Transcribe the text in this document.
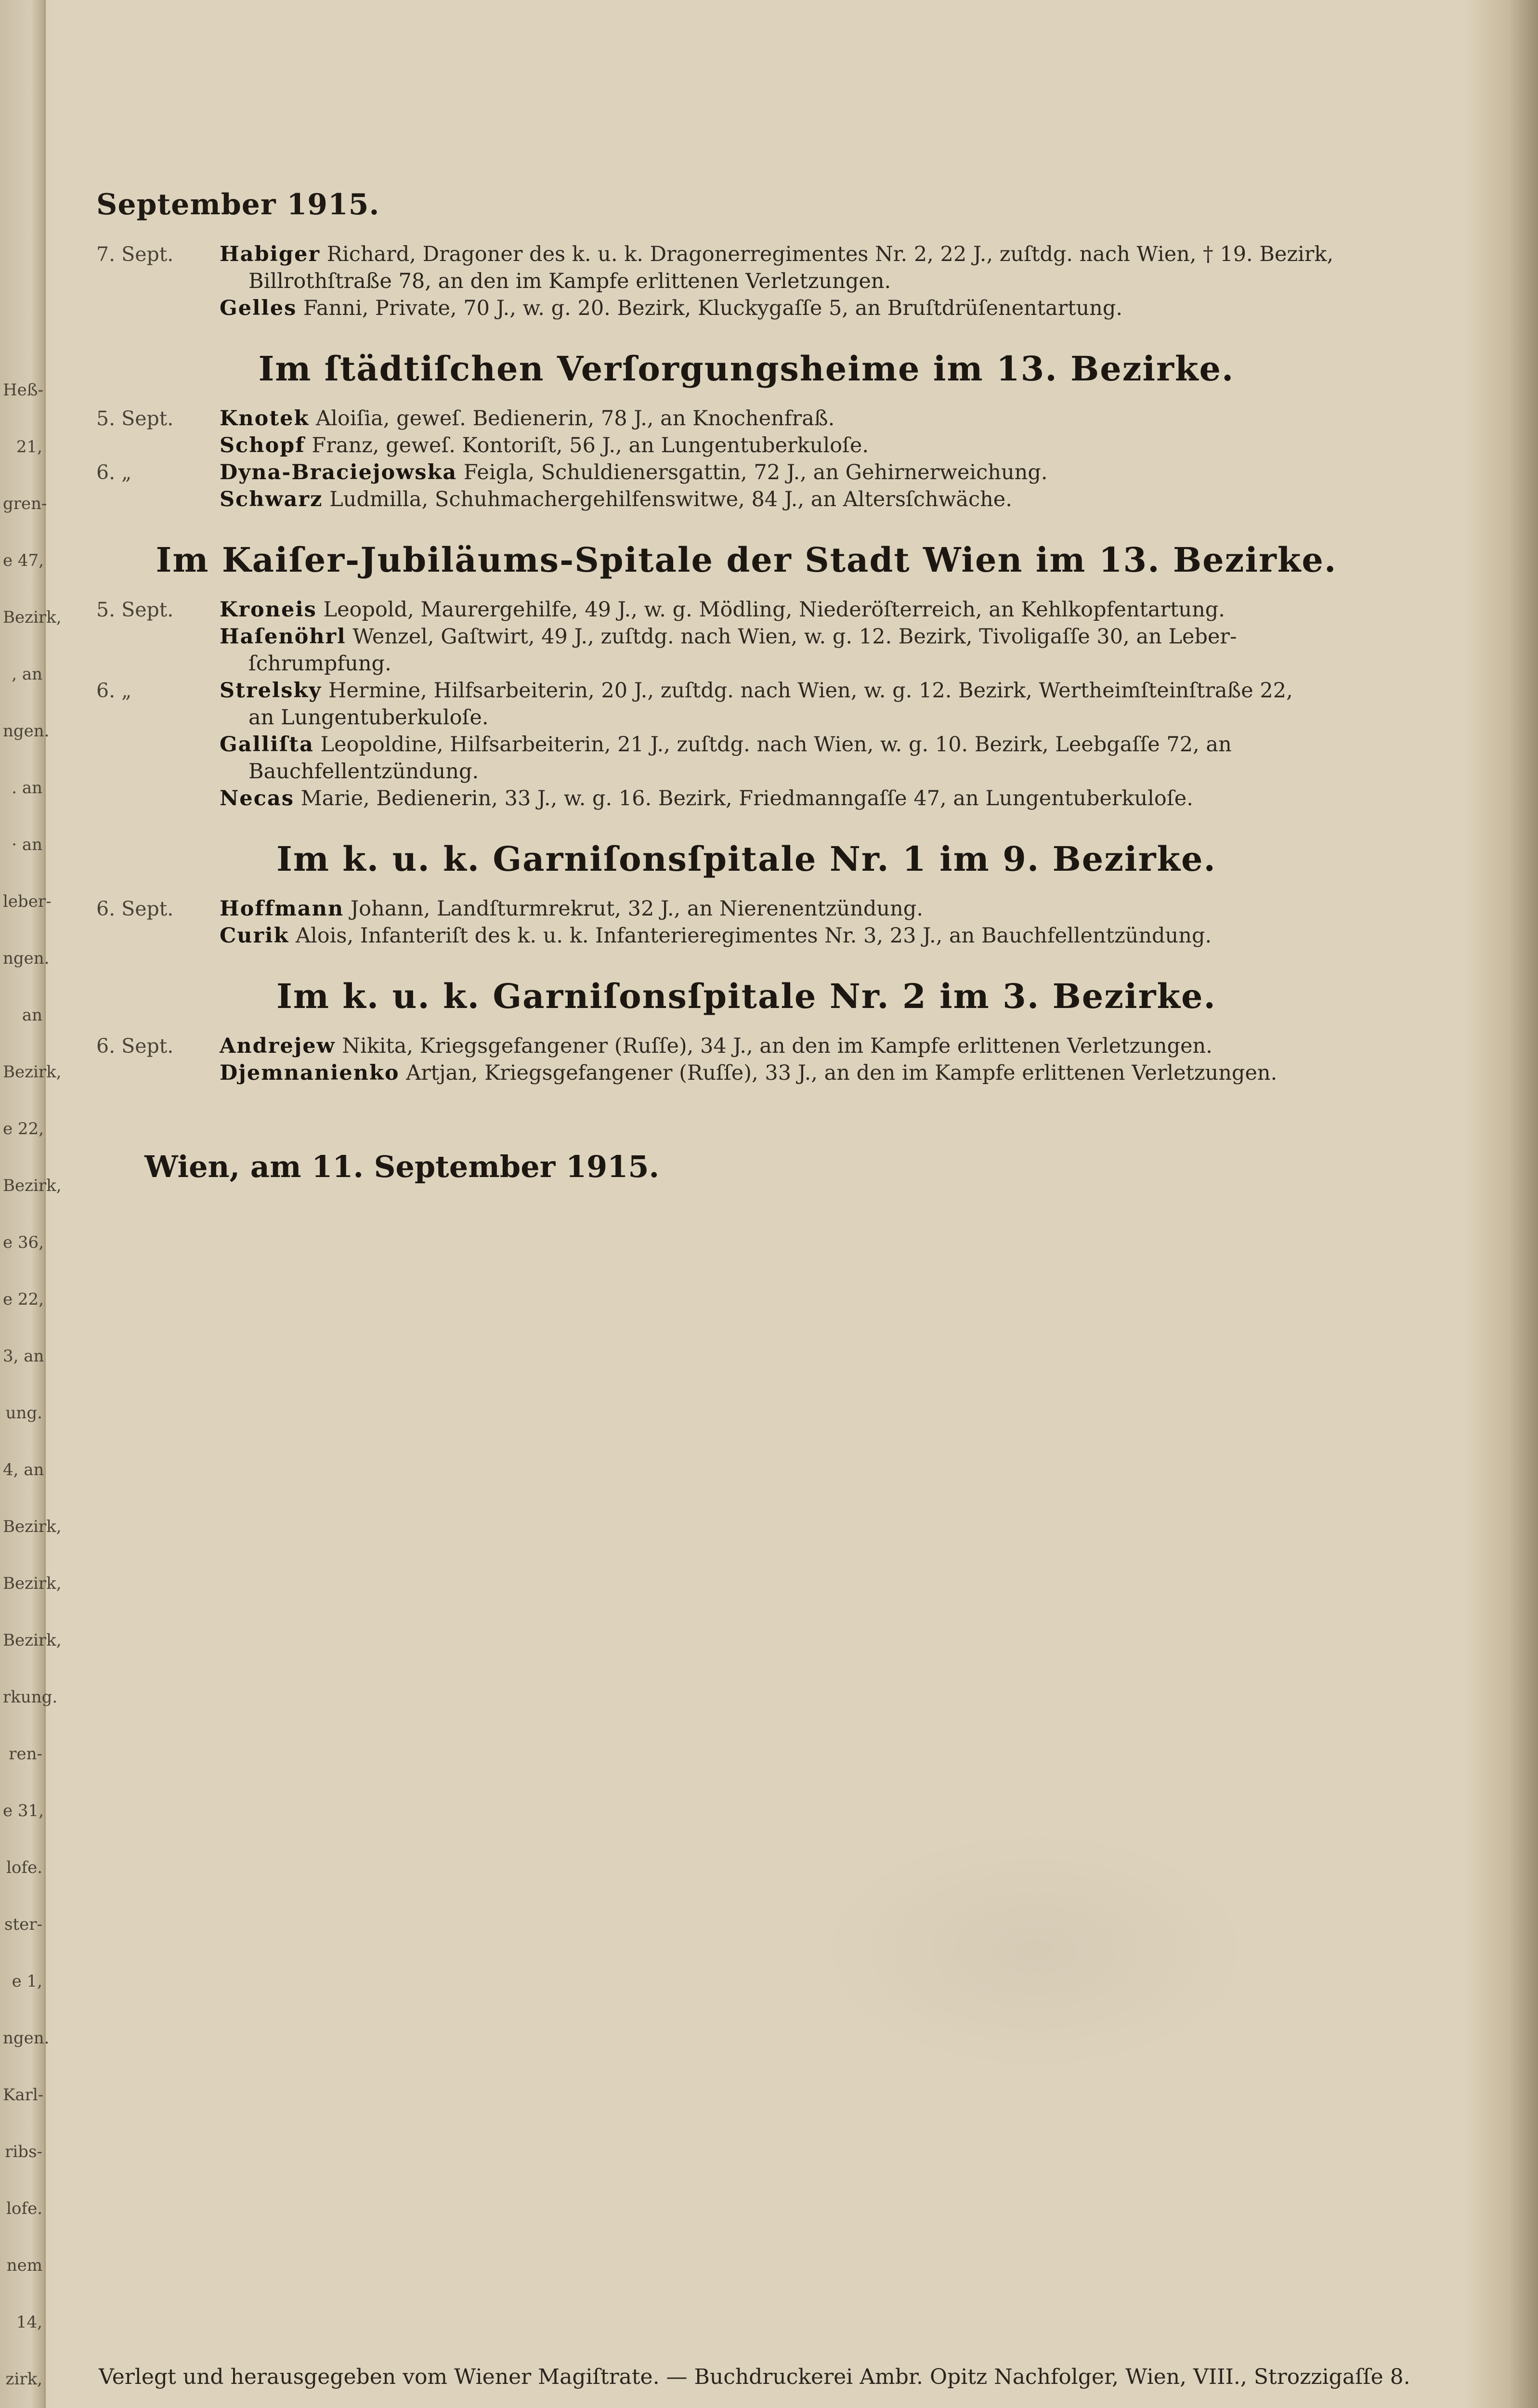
Heß-
21,
gren-
e 47,
Bezirk,
, an
ngen.
. an
· an
leber-
ngen.
an
Bezirk,
e 22,
Bezirk,
e 36,
e 22,
3, an
ung.
4, an
Bezirk,
Bezirk,
Bezirk,
rkung.
ren-
e 31,
lofe.
ster-
e 1,
ngen.
Karl-
ribs-
lofe.
nem
14,
zirk,
September 1915.
7. Sept.	Habiger Richard, Dragoner des k. u. k. Dragonerregimentes Nr. 2, 22 J., zuſtdg. nach Wien, † 19. Bezirk,
Billrothſtraße 78, an den im Kampfe erlittenen Verletzungen.
Gelles Fanni, Private, 70 J., w. g. 20. Bezirk, Kluckygaſſe 5, an Bruſtdrüſenentartung.
Im ſtädtiſchen Verſorgungsheime im 13. Bezirke.
5. Sept.	Knotek Aloiſia, geweſ. Bedienerin, 78 J., an Knochenfraß.
Schopf Franz, geweſ. Kontoriſt, 56 J., an Lungentuberkuloſe.
6. „	Dyna-Braciejowska Feigla, Schuldienersgattin, 72 J., an Gehirnerweichung.
Schwarz Ludmilla, Schuhmachergehilfenswitwe, 84 J., an Altersſchwäche.
Im Kaiſer-Jubiläums-Spitale der Stadt Wien im 13. Bezirke.
5. Sept.	Kroneis Leopold, Maurergehilfe, 49 J., w. g. Mödling, Niederöſterreich, an Kehlkopfentartung.
Haſenöhrl Wenzel, Gaſtwirt, 49 J., zuſtdg. nach Wien, w. g. 12. Bezirk, Tivoligaſſe 30, an Leber-
ſchrumpfung.
6. „	Strelsky Hermine, Hilfsarbeiterin, 20 J., zuſtdg. nach Wien, w. g. 12. Bezirk, Wertheimſteinſtraße 22,
an Lungentuberkuloſe.
Galliſta Leopoldine, Hilfsarbeiterin, 21 J., zuſtdg. nach Wien, w. g. 10. Bezirk, Leebgaſſe 72, an
Bauchfellentzündung.
Necas Marie, Bedienerin, 33 J., w. g. 16. Bezirk, Friedmanngaſſe 47, an Lungentuberkuloſe.
Im k. u. k. Garniſonsſpitale Nr. 1 im 9. Bezirke.
6. Sept.	Hoffmann Johann, Landſturmrekrut, 32 J., an Nierenentzündung.
Curik Alois, Infanteriſt des k. u. k. Infanterieregimentes Nr. 3, 23 J., an Bauchfellentzündung.
Im k. u. k. Garniſonsſpitale Nr. 2 im 3. Bezirke.
6. Sept.	Andrejew Nikita, Kriegsgefangener (Ruſſe), 34 J., an den im Kampfe erlittenen Verletzungen.
Djemnanienko Artjan, Kriegsgefangener (Ruſſe), 33 J., an den im Kampfe erlittenen Verletzungen.
Wien, am 11. September 1915.
Verlegt und herausgegeben vom Wiener Magiſtrate. — Buchdruckerei Ambr. Opitz Nachfolger, Wien, VIII., Strozzigaſſe 8.
